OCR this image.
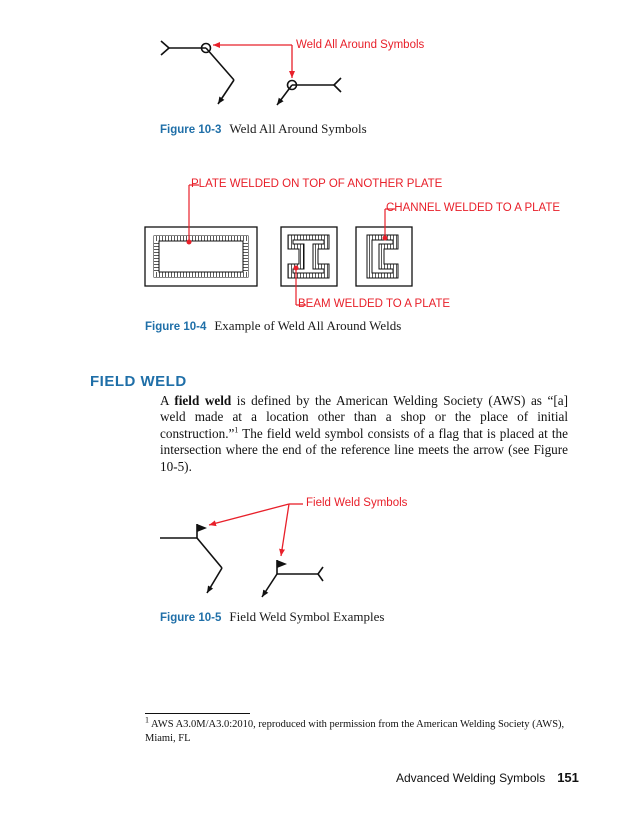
Weld All Around Symbols
Figure 10-3 Weld All Around Symbols
PLATE WELDED ON TOP OF ANOTHER PLATE
CHANNEL WELDED TO A PLATE
BEAM WELDED TO A PLATE
Figure 10-4 Example of Weld All Around Welds
FIELD WELD
A field weld is defined by the American Welding Society (AWS) as “[a] weld made at a location other than a shop or the place of initial construction.”$^1$ The field weld symbol consists of a flag that is placed at the intersection where the end of the reference line meets the arrow (see Figure 10-5).
Field Weld Symbols
Figure 10-5 Field Weld Symbol Examples
$^1$ AWS A3.0M/A3.0:2010, reproduced with permission from the American Welding Society (AWS), Miami, FL
Advanced Welding Symbols 151
